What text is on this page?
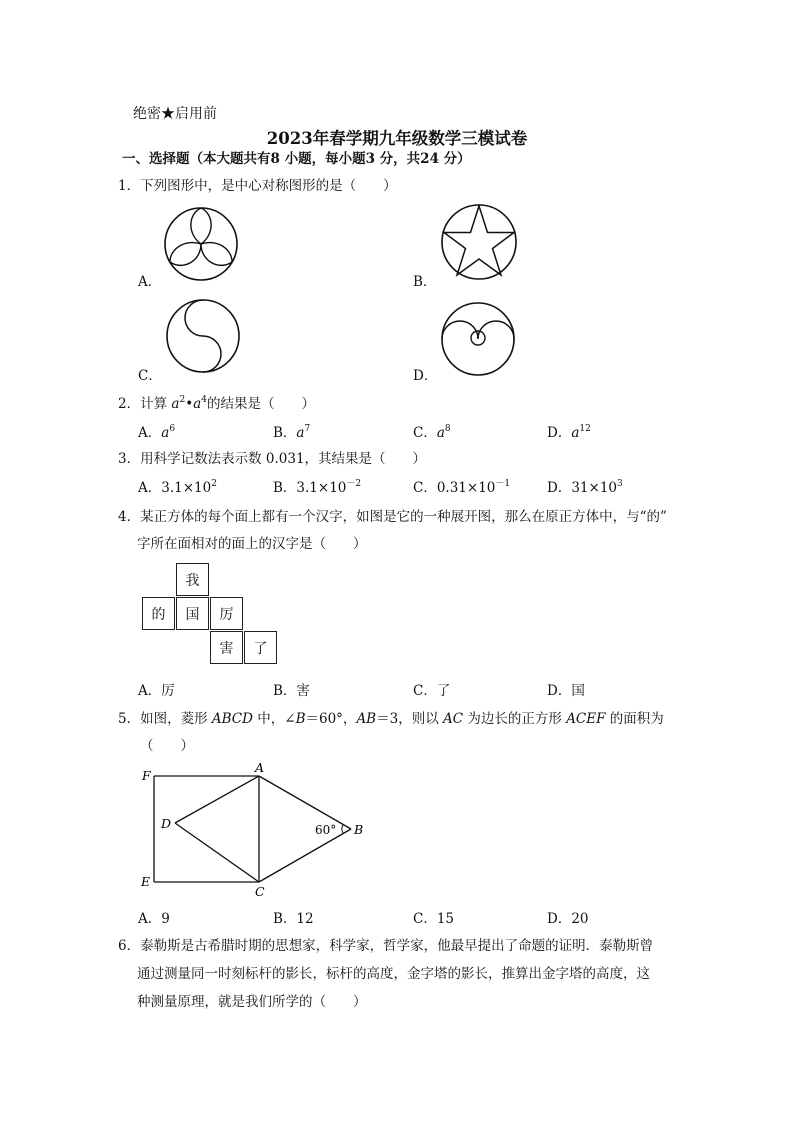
绝密★启用前
2023年春学期九年级数学三模试卷
一、选择题（本大题共有8 小题，每小题3 分，共24 分）
1．下列图形中，是中心对称图形的是（　　）
A．	B．
C．	D．
2．计算 $a^2•a^4$的结果是（　　）
A．$a^6$	B．$a^7$	C．$a^8$	D．$a^{12}$
3．用科学记数法表示数 0.031，其结果是（　　）
A．$3.1\times 10^2$	B．$3.1\times 10^{-2}$	C．$0.31\times 10^{-1}$	D．$31\times 10^3$
4．某正方体的每个面上都有一个汉字，如图是它的一种展开图，那么在原正方体中，与“的”
字所在面相对的面上的汉字是（　　）
我
的	国	厉
害	了
A．厉	B．害	C．了	D．国
5．如图，菱形 ABCD 中，∠B＝60°，AB＝3，则以 AC 为边长的正方形 ACEF 的面积为
（　　）
F
A
D	B
E
C
60°
A．9	B．12	C．15	D．20
6．泰勒斯是古希腊时期的思想家，科学家，哲学家，他最早提出了命题的证明．泰勒斯曾
通过测量同一时刻标杆的影长，标杆的高度，金字塔的影长，推算出金字塔的高度，这
种测量原理，就是我们所学的（　　）
